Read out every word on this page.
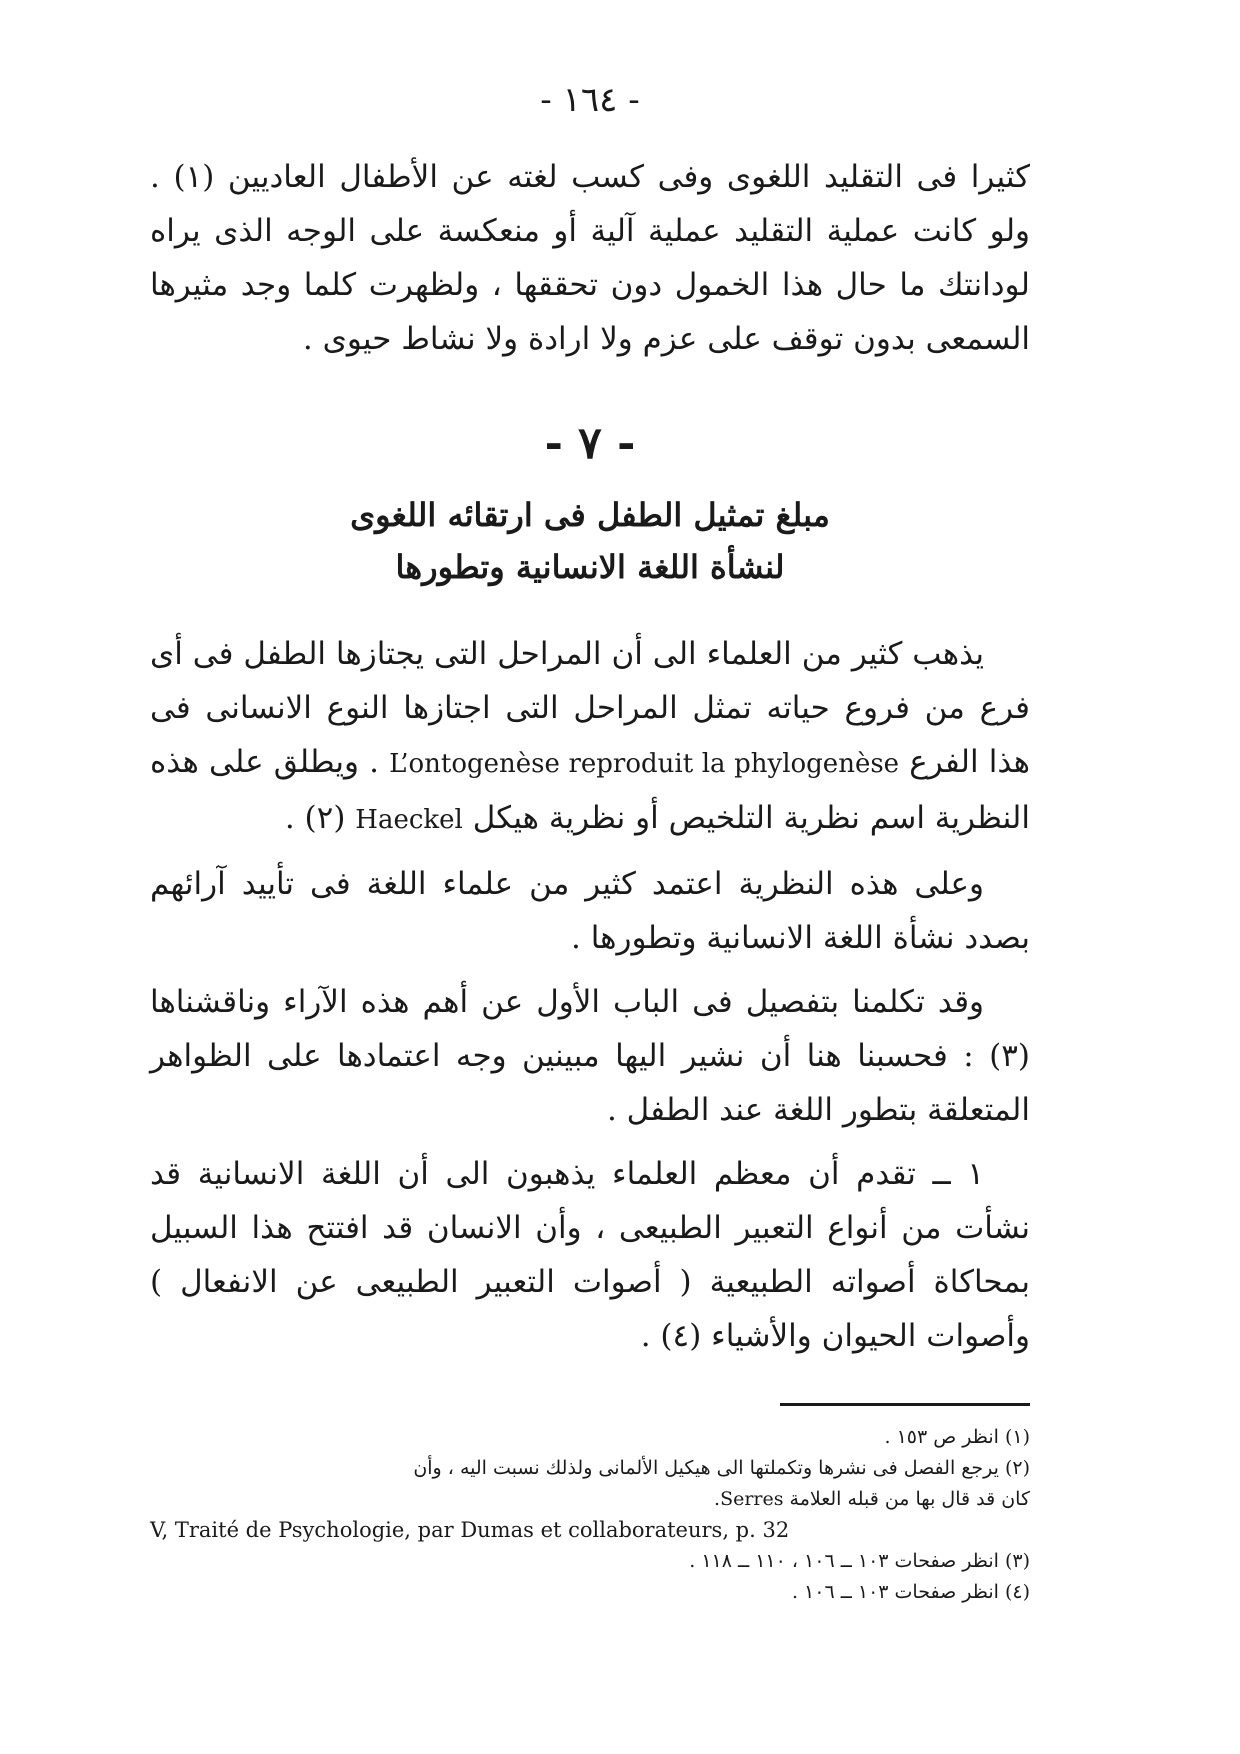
- ١٦٤ -

كثيرا فى التقليد اللغوى وفى كسب لغته عن الأطفال العاديين (١) . ولو كانت عملية التقليد عملية آلية أو منعكسة على الوجه الذى يراه لودانتك ما حال هذا الخمول دون تحققها ، ولظهرت كلما وجد مثيرها السمعى بدون توقف على عزم ولا ارادة ولا نشاط حيوى .

- ٧ -
مبلغ تمثيل الطفل فى ارتقائه اللغوى
لنشأة اللغة الانسانية وتطورها

يذهب كثير من العلماء الى أن المراحل التى يجتازها الطفل فى أى فرع من فروع حياته تمثل المراحل التى اجتازها النوع الانسانى فى هذا الفرع L’ontogenèse reproduit la phylogenèse . ويطلق على هذه النظرية اسم نظرية التلخيص أو نظرية هيكل Haeckel (٢) .

وعلى هذه النظرية اعتمد كثير من علماء اللغة فى تأييد آرائهم بصدد نشأة اللغة الانسانية وتطورها .

وقد تكلمنا بتفصيل فى الباب الأول عن أهم هذه الآراء وناقشناها (٣) : فحسبنا هنا أن نشير اليها مبينين وجه اعتمادها على الظواهر المتعلقة بتطور اللغة عند الطفل .

١ ــ تقدم أن معظم العلماء يذهبون الى أن اللغة الانسانية قد نشأت من أنواع التعبير الطبيعى ، وأن الانسان قد افتتح هذا السبيل بمحاكاة أصواته الطبيعية ( أصوات التعبير الطبيعى عن الانفعال ) وأصوات الحيوان والأشياء (٤) .

(١) انظر ص ١٥٣ .

(٢) يرجع الفصل فى نشرها وتكملتها الى هيكيل الألمانى ولذلك نسبت اليه ، وأن

كان قد قال بها من قبله العلامة Serres.

V, Traité de Psychologie, par Dumas et collaborateurs, p. 32

(٣) انظر صفحات ١٠٣ ــ ١٠٦ ، ١١٠ ــ ١١٨ .

(٤) انظر صفحات ١٠٣ ــ ١٠٦ .
